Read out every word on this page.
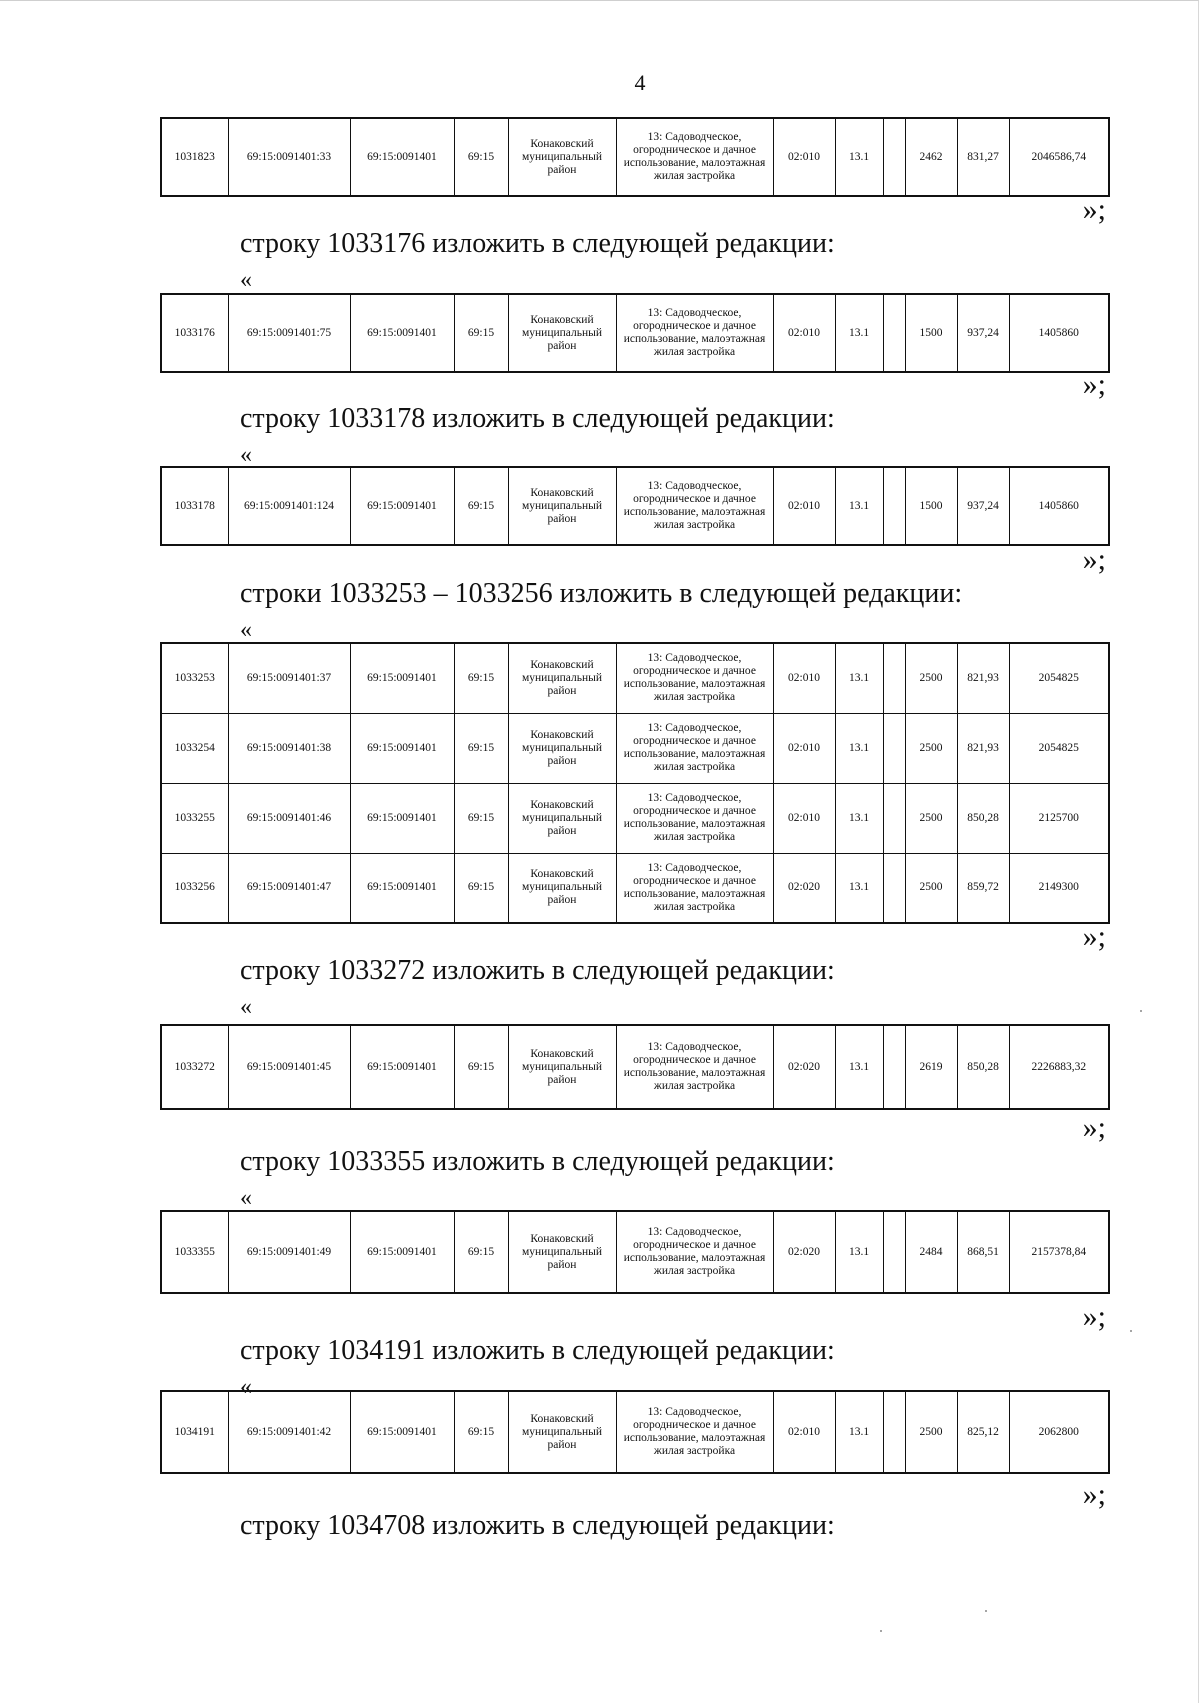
4
1031823	69:15:0091401:33	69:15:0091401	69:15	Конаковский муниципальный район	13: Садоводческое, огородническое и дачное использование, малоэтажная жилая застройка	02:010	13.1		2462	831,27	2046586,74
»;
строку 1033176 изложить в следующей редакции:
«
1033176	69:15:0091401:75	69:15:0091401	69:15	Конаковский муниципальный район	13: Садоводческое, огородническое и дачное использование, малоэтажная жилая застройка	02:010	13.1		1500	937,24	1405860
»;
строку 1033178 изложить в следующей редакции:
«
1033178	69:15:0091401:124	69:15:0091401	69:15	Конаковский муниципальный район	13: Садоводческое, огородническое и дачное использование, малоэтажная жилая застройка	02:010	13.1		1500	937,24	1405860
»;
строки 1033253 – 1033256 изложить в следующей редакции:
«
1033253	69:15:0091401:37	69:15:0091401	69:15	Конаковский муниципальный район	13: Садоводческое, огородническое и дачное использование, малоэтажная жилая застройка	02:010	13.1		2500	821,93	2054825
1033254	69:15:0091401:38	69:15:0091401	69:15	Конаковский муниципальный район	13: Садоводческое, огородническое и дачное использование, малоэтажная жилая застройка	02:010	13.1		2500	821,93	2054825
1033255	69:15:0091401:46	69:15:0091401	69:15	Конаковский муниципальный район	13: Садоводческое, огородническое и дачное использование, малоэтажная жилая застройка	02:010	13.1		2500	850,28	2125700
1033256	69:15:0091401:47	69:15:0091401	69:15	Конаковский муниципальный район	13: Садоводческое, огородническое и дачное использование, малоэтажная жилая застройка	02:020	13.1		2500	859,72	2149300
»;
строку 1033272 изложить в следующей редакции:
«
1033272	69:15:0091401:45	69:15:0091401	69:15	Конаковский муниципальный район	13: Садоводческое, огородническое и дачное использование, малоэтажная жилая застройка	02:020	13.1		2619	850,28	2226883,32
»;
строку 1033355 изложить в следующей редакции:
«
1033355	69:15:0091401:49	69:15:0091401	69:15	Конаковский муниципальный район	13: Садоводческое, огородническое и дачное использование, малоэтажная жилая застройка	02:020	13.1		2484	868,51	2157378,84
»;
строку 1034191 изложить в следующей редакции:
«
1034191	69:15:0091401:42	69:15:0091401	69:15	Конаковский муниципальный район	13: Садоводческое, огородническое и дачное использование, малоэтажная жилая застройка	02:010	13.1		2500	825,12	2062800
»;
строку 1034708 изложить в следующей редакции:
